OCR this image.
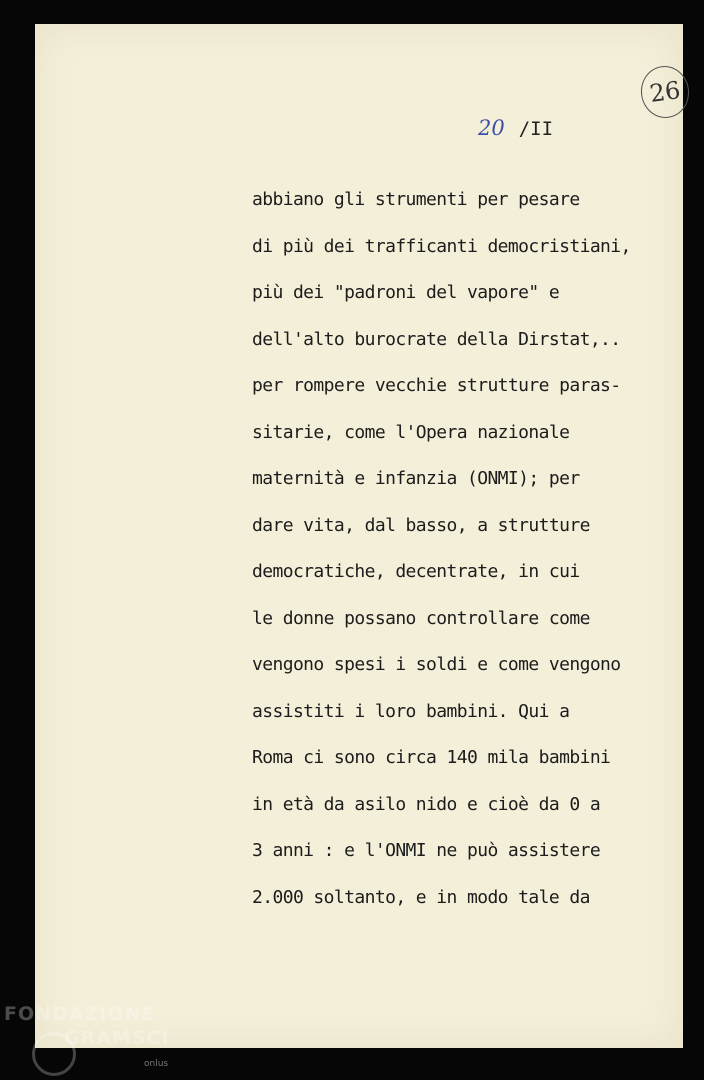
26
20 /II
abbiano gli strumenti per pesare
di più dei trafficanti democristiani,
più dei "padroni del vapore" e
dell'alto burocrate della Dirstat,..
per rompere vecchie strutture paras-
sitarie, come l'Opera nazionale
maternità e infanzia (ONMI); per
dare vita, dal basso, a strutture
democratiche, decentrate, in cui
le donne possano controllare come
vengono spesi i soldi e come vengono
assistiti i loro bambini. Qui a
Roma ci sono circa 140 mila bambini
in età da asilo nido e cioè da 0 a
3 anni : e l'ONMI ne può assistere
2.000 soltanto, e in modo tale da
FONDAZIONE
GRAMSCI
onlus
